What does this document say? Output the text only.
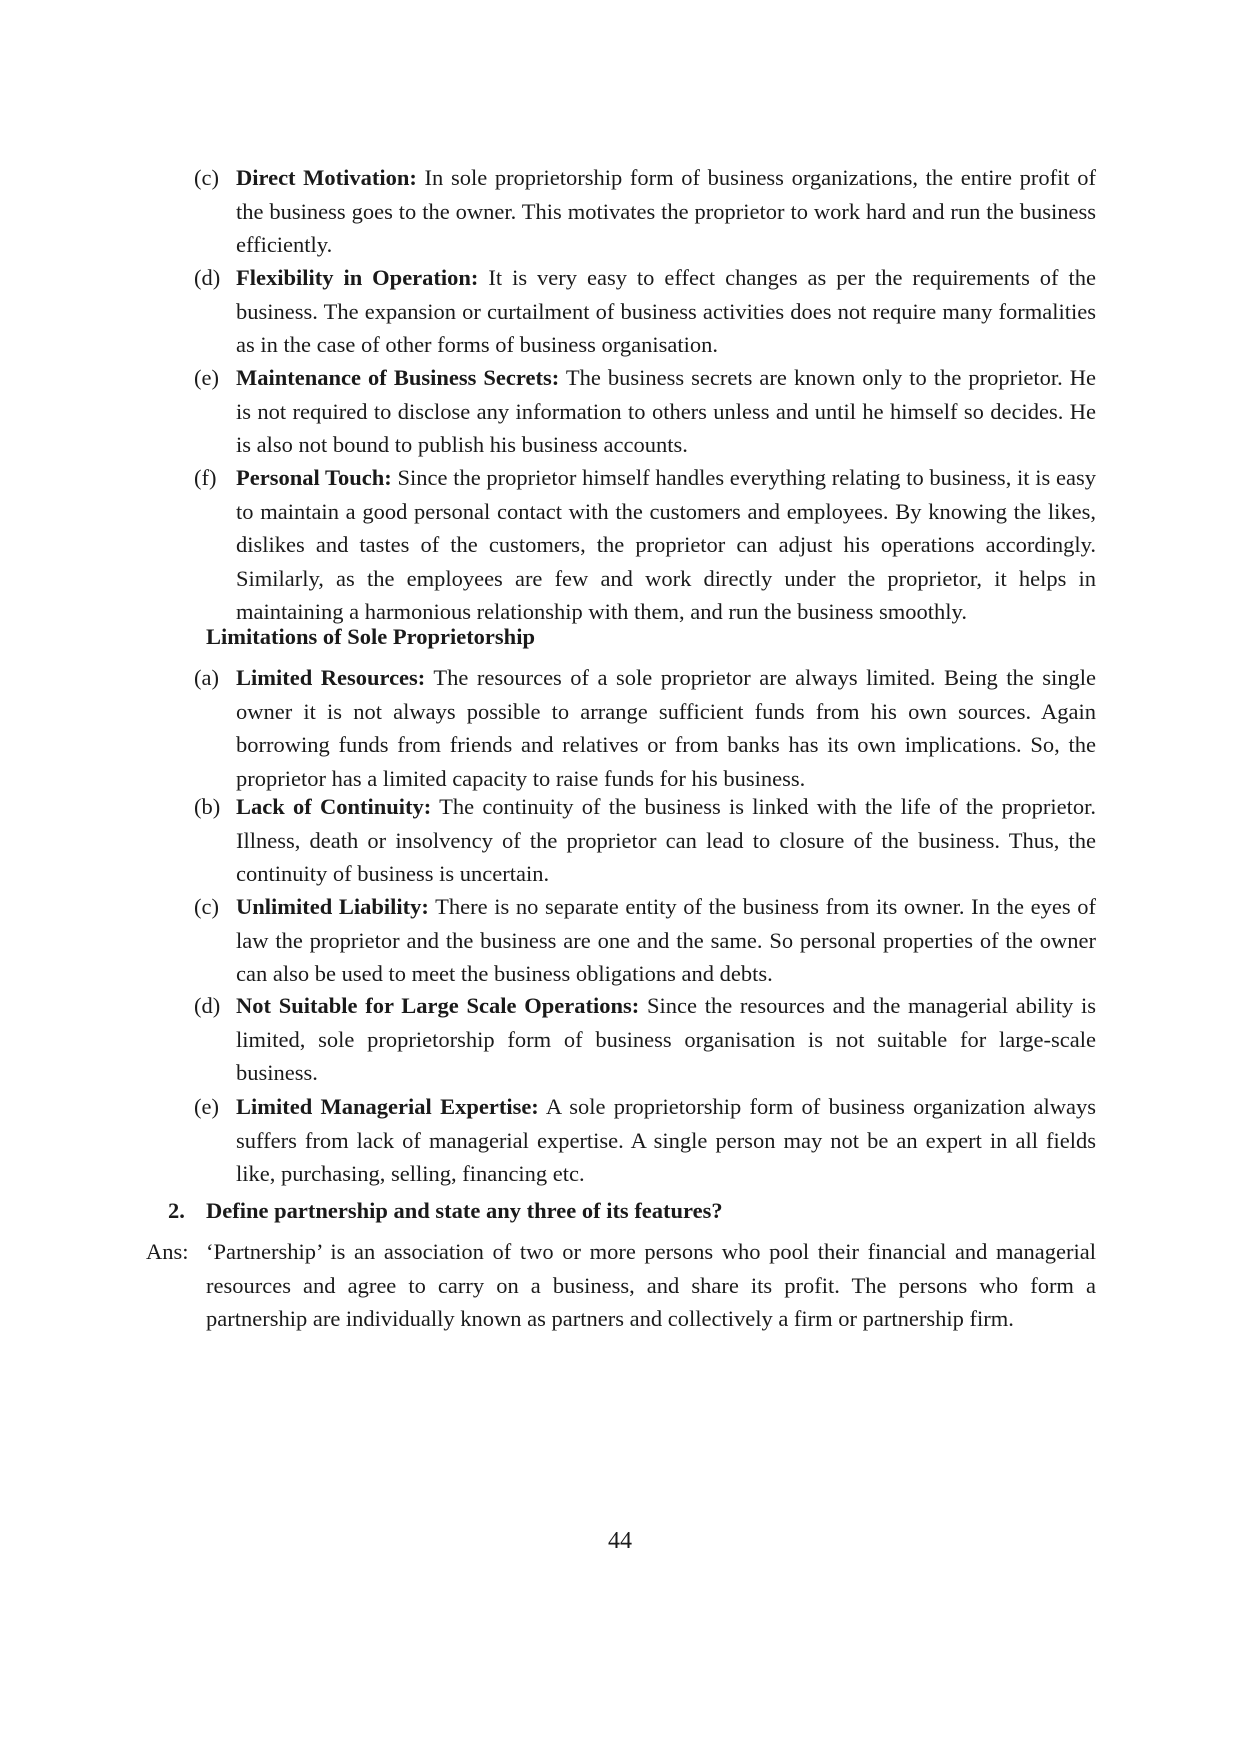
(c) Direct Motivation: In sole proprietorship form of business organizations, the entire profit of the business goes to the owner. This motivates the proprietor to work hard and run the business efficiently.
(d) Flexibility in Operation: It is very easy to effect changes as per the requirements of the business. The expansion or curtailment of business activities does not require many formalities as in the case of other forms of business organisation.
(e) Maintenance of Business Secrets: The business secrets are known only to the proprietor. He is not required to disclose any information to others unless and until he himself so decides. He is also not bound to publish his business accounts.
(f) Personal Touch: Since the proprietor himself handles everything relating to business, it is easy to maintain a good personal contact with the customers and employees. By knowing the likes, dislikes and tastes of the customers, the proprietor can adjust his operations accordingly. Similarly, as the employees are few and work directly under the proprietor, it helps in maintaining a harmonious relationship with them, and run the business smoothly.
Limitations of Sole Proprietorship
(a) Limited Resources: The resources of a sole proprietor are always limited. Being the single owner it is not always possible to arrange sufficient funds from his own sources. Again borrowing funds from friends and relatives or from banks has its own implications. So, the proprietor has a limited capacity to raise funds for his business.
(b) Lack of Continuity: The continuity of the business is linked with the life of the proprietor. Illness, death or insolvency of the proprietor can lead to closure of the business. Thus, the continuity of business is uncertain.
(c) Unlimited Liability: There is no separate entity of the business from its owner. In the eyes of law the proprietor and the business are one and the same. So personal properties of the owner can also be used to meet the business obligations and debts.
(d) Not Suitable for Large Scale Operations: Since the resources and the managerial ability is limited, sole proprietorship form of business organisation is not suitable for large-scale business.
(e) Limited Managerial Expertise: A sole proprietorship form of business organization always suffers from lack of managerial expertise. A single person may not be an expert in all fields like, purchasing, selling, financing etc.
2. Define partnership and state any three of its features?
Ans: ‘Partnership’ is an association of two or more persons who pool their financial and managerial resources and agree to carry on a business, and share its profit. The persons who form a partnership are individually known as partners and collectively a firm or partnership firm.
44
